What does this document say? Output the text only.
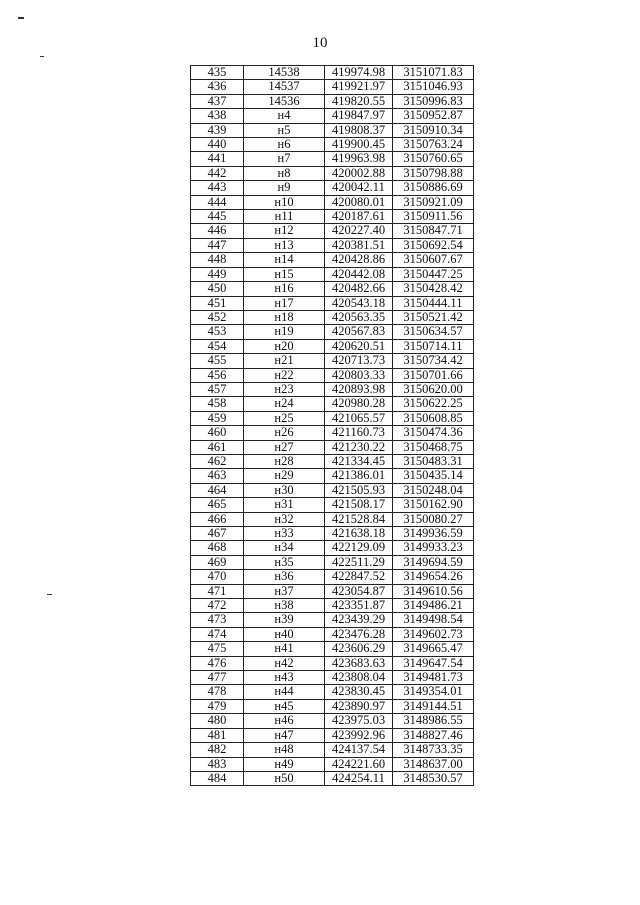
10
435	14538	419974.98	3151071.83
436	14537	419921.97	3151046.93
437	14536	419820.55	3150996.83
438	н4	419847.97	3150952.87
439	н5	419808.37	3150910.34
440	н6	419900.45	3150763.24
441	н7	419963.98	3150760.65
442	н8	420002.88	3150798.88
443	н9	420042.11	3150886.69
444	н10	420080.01	3150921.09
445	н11	420187.61	3150911.56
446	н12	420227.40	3150847.71
447	н13	420381.51	3150692.54
448	н14	420428.86	3150607.67
449	н15	420442.08	3150447.25
450	н16	420482.66	3150428.42
451	н17	420543.18	3150444.11
452	н18	420563.35	3150521.42
453	н19	420567.83	3150634.57
454	н20	420620.51	3150714.11
455	н21	420713.73	3150734.42
456	н22	420803.33	3150701.66
457	н23	420893.98	3150620.00
458	н24	420980.28	3150622.25
459	н25	421065.57	3150608.85
460	н26	421160.73	3150474.36
461	н27	421230.22	3150468.75
462	н28	421334.45	3150483.31
463	н29	421386.01	3150435.14
464	н30	421505.93	3150248.04
465	н31	421508.17	3150162.90
466	н32	421528.84	3150080.27
467	н33	421638.18	3149936.59
468	н34	422129.09	3149933.23
469	н35	422511.29	3149694.59
470	н36	422847.52	3149654.26
471	н37	423054.87	3149610.56
472	н38	423351.87	3149486.21
473	н39	423439.29	3149498.54
474	н40	423476.28	3149602.73
475	н41	423606.29	3149665.47
476	н42	423683.63	3149647.54
477	н43	423808.04	3149481.73
478	н44	423830.45	3149354.01
479	н45	423890.97	3149144.51
480	н46	423975.03	3148986.55
481	н47	423992.96	3148827.46
482	н48	424137.54	3148733.35
483	н49	424221.60	3148637.00
484	н50	424254.11	3148530.57
